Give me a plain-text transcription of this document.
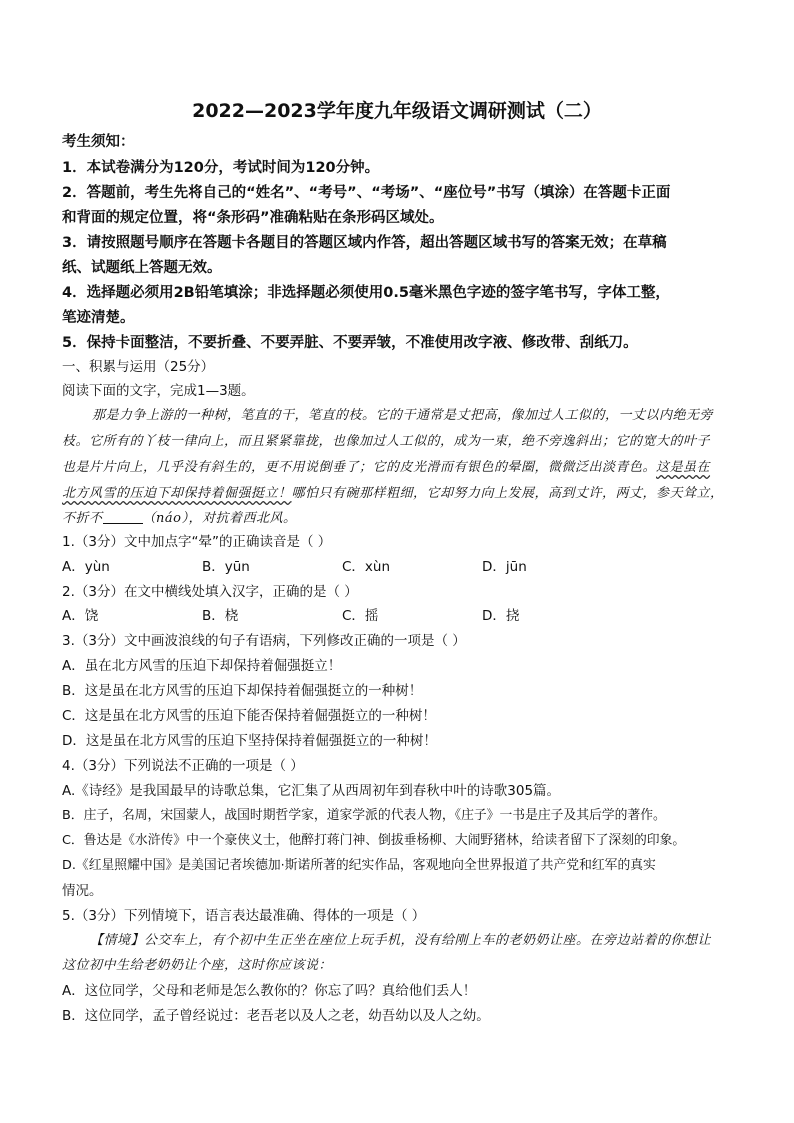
2022—2023学年度九年级语文调研测试（二）
考生须知：
1．本试卷满分为120分，考试时间为120分钟。
2．答题前，考生先将自己的“姓名”、“考号”、“考场”、“座位号”书写（填涂）在答题卡正面
和背面的规定位置，将“条形码”准确粘贴在条形码区域处。
3．请按照题号顺序在答题卡各题目的答题区域内作答，超出答题区域书写的答案无效；在草稿
纸、试题纸上答题无效。
4．选择题必须用2B铅笔填涂；非选择题必须使用0.5毫米黑色字迹的签字笔书写，字体工整，
笔迹清楚。
5．保持卡面整洁，不要折叠、不要弄脏、不要弄皱，不准使用改字液、修改带、刮纸刀。
一、积累与运用（25分）
阅读下面的文字，完成1—3题。
那是力争上游的一种树，笔直的干，笔直的枝。它的干通常是丈把高，像加过人工似的，一丈以内绝无旁
枝。它所有的丫枝一律向上，而且紧紧靠拢，也像加过人工似的，成为一束，绝不旁逸斜出；它的宽大的叶子
也是片片向上，几乎没有斜生的，更不用说倒垂了；它的皮光滑而有银色的晕圈，微微泛出淡青色。这是虽在
北方风雪的压迫下却保持着倔强挺立！哪怕只有碗那样粗细，它却努力向上发展，高到丈许，两丈，参天耸立，
不折不	（náo），对抗着西北风。
1.（3分）文中加点字“晕”的正确读音是（ ）
A．yùn	B．yūn	C．xùn	D．jūn
2.（3分）在文中横线处填入汉字，正确的是（ ）
A．饶	B．桡	C．摇	D．挠
3.（3分）文中画波浪线的句子有语病，下列修改正确的一项是（ ）
A．虽在北方风雪的压迫下却保持着倔强挺立！
B．这是虽在北方风雪的压迫下却保持着倔强挺立的一种树！
C．这是虽在北方风雪的压迫下能否保持着倔强挺立的一种树！
D．这是虽在北方风雪的压迫下坚持保持着倔强挺立的一种树！
4.（3分）下列说法不正确的一项是（ ）
A.《诗经》是我国最早的诗歌总集，它汇集了从西周初年到春秋中叶的诗歌305篇。
B．庄子，名周，宋国蒙人，战国时期哲学家，道家学派的代表人物，《庄子》一书是庄子及其后学的著作。
C．鲁达是《水浒传》中一个豪侠义士，他醉打蒋门神、倒拔垂杨柳、大闹野猪林，给读者留下了深刻的印象。
D.《红星照耀中国》是美国记者埃德加·斯诺所著的纪实作品，客观地向全世界报道了共产党和红军的真实
情况。
5.（3分）下列情境下，语言表达最准确、得体的一项是（ ）
【情境】公交车上，有个初中生正坐在座位上玩手机，没有给刚上车的老奶奶让座。在旁边站着的你想让
这位初中生给老奶奶让个座，这时你应该说：
A．这位同学，父母和老师是怎么教你的？你忘了吗？真给他们丢人！
B．这位同学，孟子曾经说过：老吾老以及人之老，幼吾幼以及人之幼。
